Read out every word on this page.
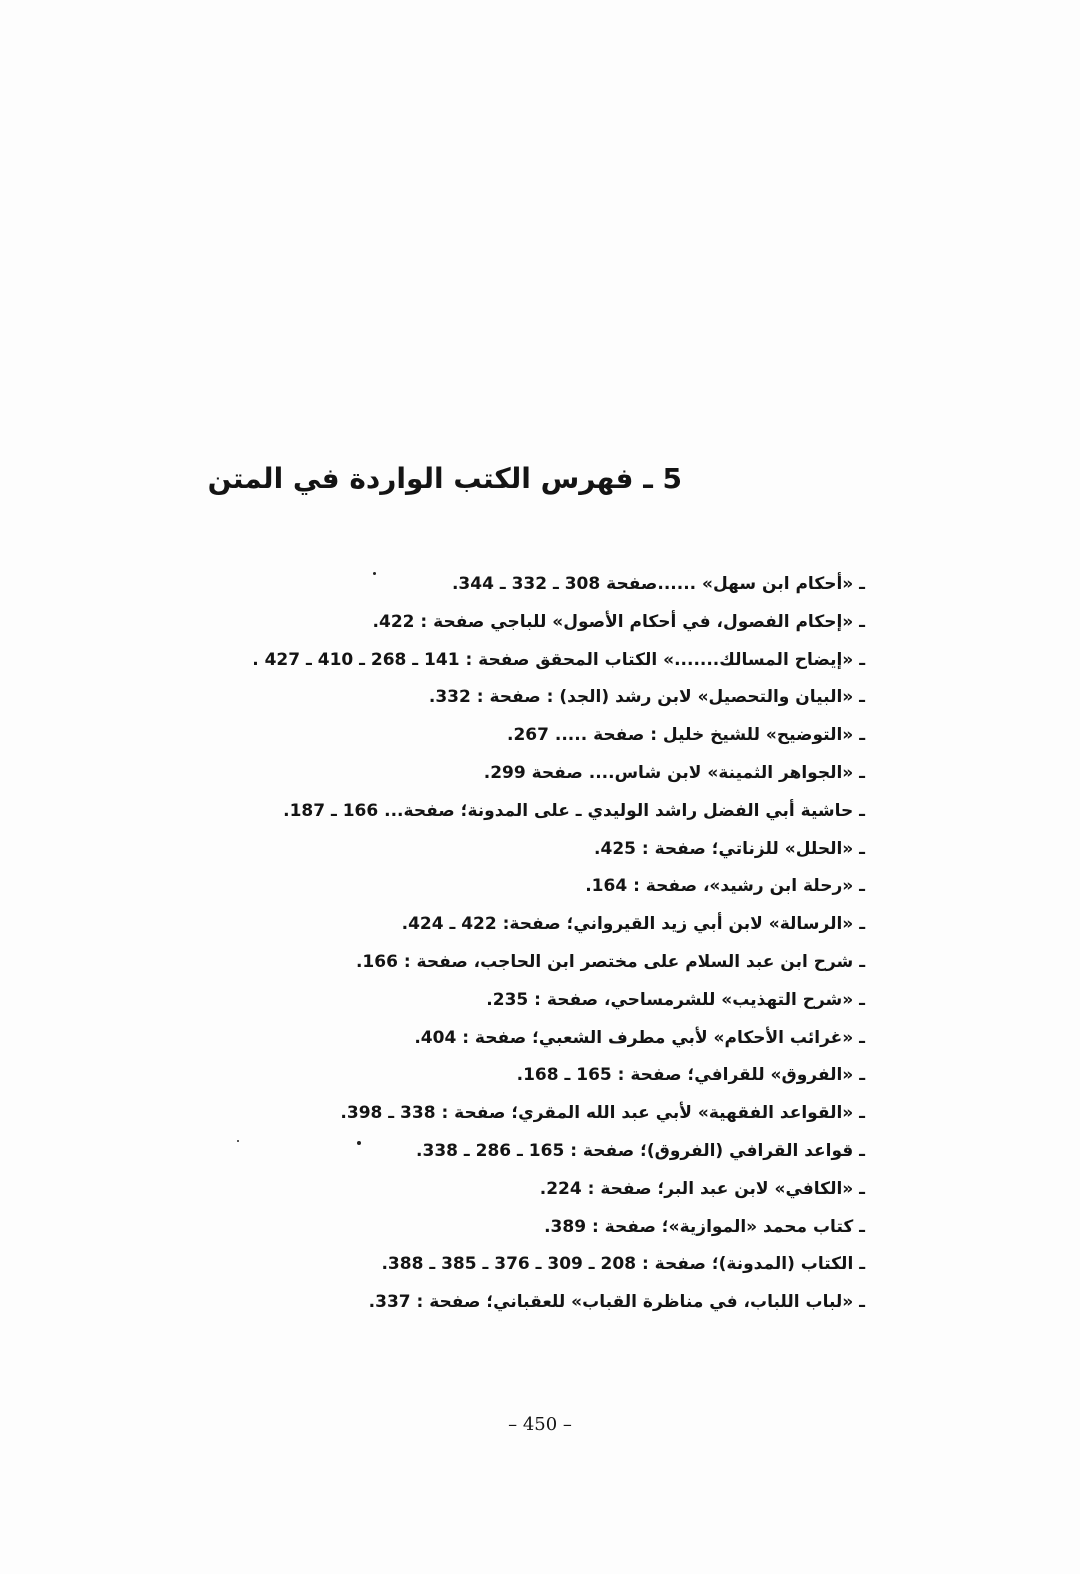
5 ـ فهرس الكتب الواردة في المتن
ـ «أحكام ابن سهل» ......صفحة 308 ـ 332 ـ 344.
ـ «إحكام الفصول، في أحكام الأصول» للباجي صفحة : 422.
ـ «إيضاح المسالك.......» الكتاب المحقق صفحة : 141 ـ 268 ـ 410 ـ 427 .
ـ «البيان والتحصيل» لابن رشد (الجد) : صفحة : 332.
ـ «التوضيح» للشيخ خليل : صفحة ..... 267.
ـ «الجواهر الثمينة» لابن شاس.... صفحة 299.
ـ حاشية أبي الفضل راشد الوليدي ـ على المدونة؛ صفحة... 166 ـ 187.
ـ «الحلل» للزناتي؛ صفحة : 425.
ـ «رحلة ابن رشيد»، صفحة : 164.
ـ «الرسالة» لابن أبي زيد القيرواني؛ صفحة: 422 ـ 424.
ـ شرح ابن عبد السلام على مختصر ابن الحاجب، صفحة : 166.
ـ «شرح التهذيب» للشرمساحي، صفحة : 235.
ـ «غرائب الأحكام» لأبي مطرف الشعبي؛ صفحة : 404.
ـ «الفروق» للقرافي؛ صفحة : 165 ـ 168.
ـ «القواعد الفقهية» لأبي عبد الله المقري؛ صفحة : 338 ـ 398.
ـ قواعد القرافي (الفروق)؛ صفحة : 165 ـ 286 ـ 338.
ـ «الكافي» لابن عبد البر؛ صفحة : 224.
ـ كتاب محمد «الموازية»؛ صفحة : 389.
ـ الكتاب (المدونة)؛ صفحة : 208 ـ 309 ـ 376 ـ 385 ـ 388.
ـ «لباب اللباب، في مناظرة القباب» للعقباني؛ صفحة : 337.
– 450 –
